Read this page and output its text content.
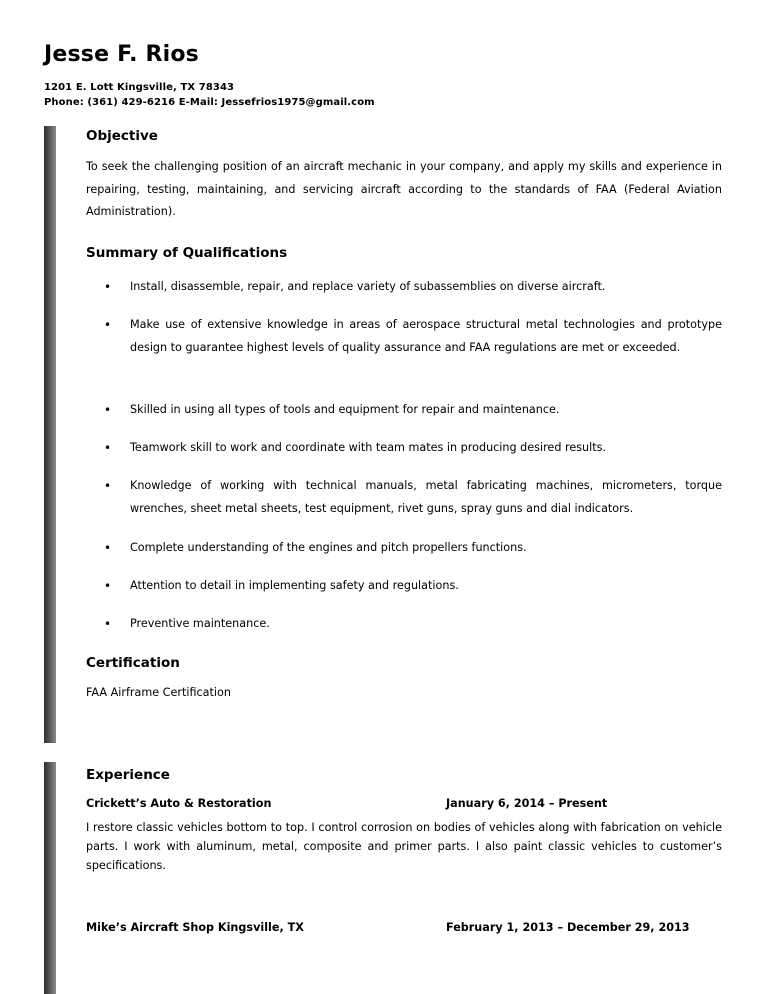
Jesse F. Rios
1201 E. Lott Kingsville, TX 78343
Phone: (361) 429-6216 E-Mail: Jessefrios1975@gmail.com
Objective
To seek the challenging position of an aircraft mechanic in your company, and apply my skills and experience in repairing, testing, maintaining, and servicing aircraft according to the standards of FAA (Federal Aviation Administration).
Summary of Qualifications
• Install, disassemble, repair, and replace variety of subassemblies on diverse aircraft.
• Make use of extensive knowledge in areas of aerospace structural metal technologies and prototype design to guarantee highest levels of quality assurance and FAA regulations are met or exceeded.
• Skilled in using all types of tools and equipment for repair and maintenance.
• Teamwork skill to work and coordinate with team mates in producing desired results.
• Knowledge of working with technical manuals, metal fabricating machines, micrometers, torque wrenches, sheet metal sheets, test equipment, rivet guns, spray guns and dial indicators.
• Complete understanding of the engines and pitch propellers functions.
• Attention to detail in implementing safety and regulations.
• Preventive maintenance.
Certification
FAA Airframe Certification
Experience
Crickett’s Auto & Restoration	January 6, 2014 – Present
I restore classic vehicles bottom to top. I control corrosion on bodies of vehicles along with fabrication on vehicle parts. I work with aluminum, metal, composite and primer parts. I also paint classic vehicles to customer’s specifications.
Mike’s Aircraft Shop Kingsville, TX	February 1, 2013 – December 29, 2013
